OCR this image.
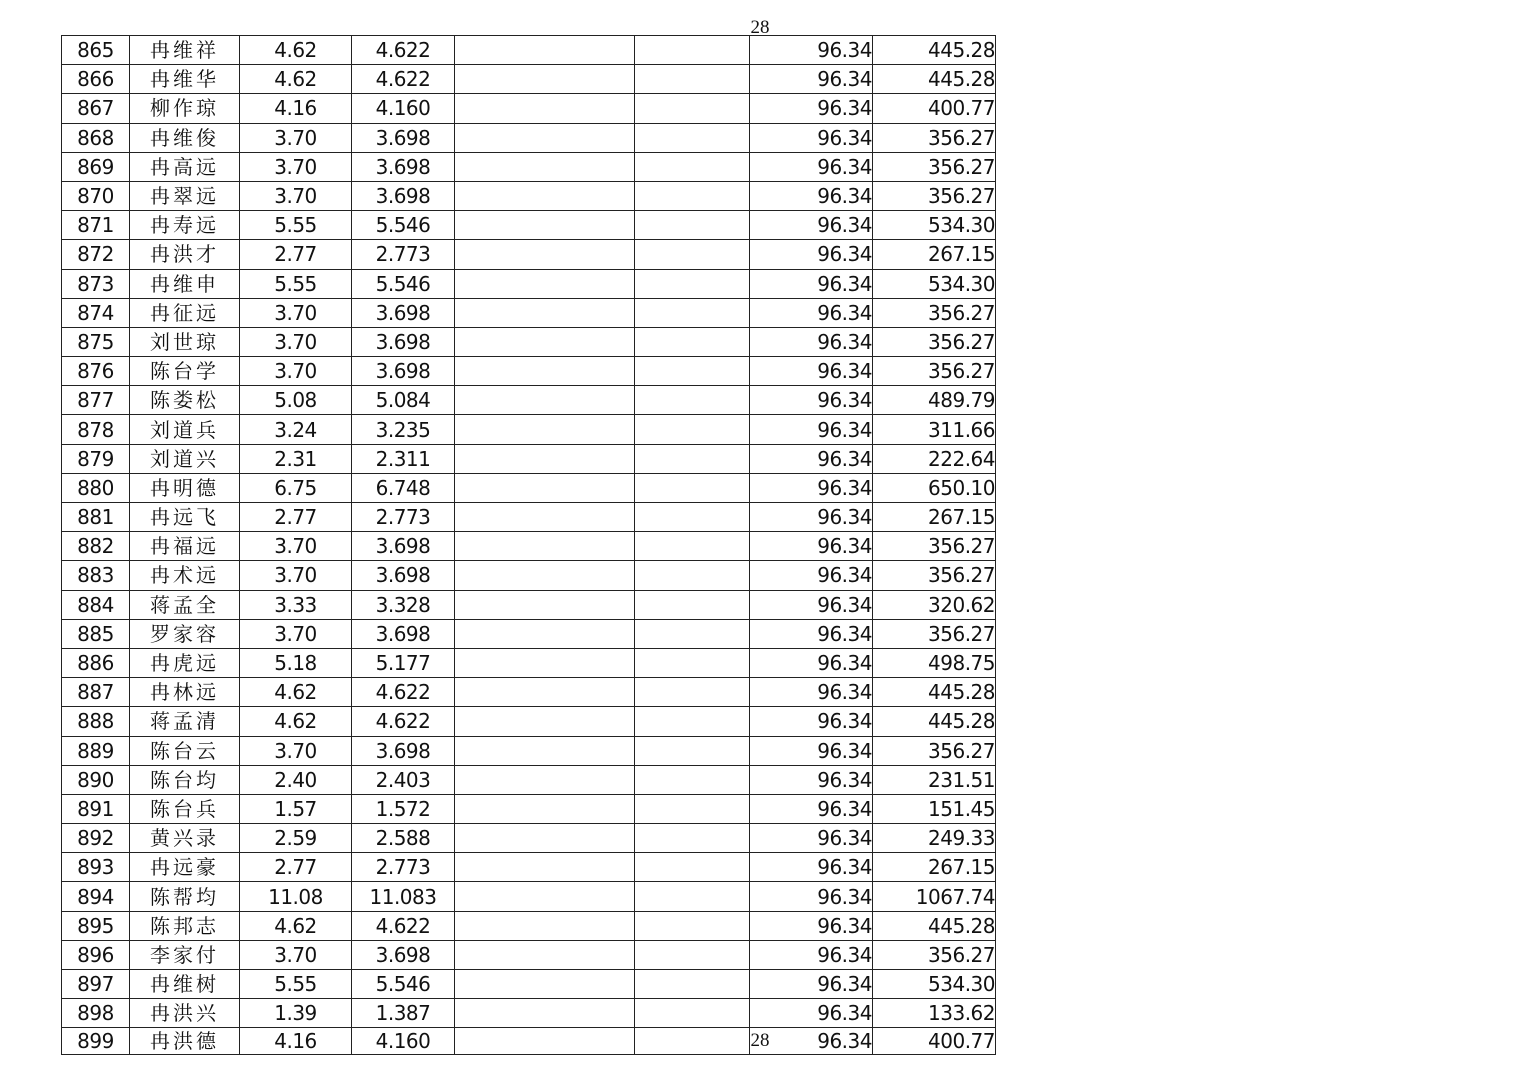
28
865	冉维祥	4.62	4.622			96.34	445.28
866	冉维华	4.62	4.622			96.34	445.28
867	柳作琼	4.16	4.160			96.34	400.77
868	冉维俊	3.70	3.698			96.34	356.27
869	冉高远	3.70	3.698			96.34	356.27
870	冉翠远	3.70	3.698			96.34	356.27
871	冉寿远	5.55	5.546			96.34	534.30
872	冉洪才	2.77	2.773			96.34	267.15
873	冉维申	5.55	5.546			96.34	534.30
874	冉征远	3.70	3.698			96.34	356.27
875	刘世琼	3.70	3.698			96.34	356.27
876	陈台学	3.70	3.698			96.34	356.27
877	陈娄松	5.08	5.084			96.34	489.79
878	刘道兵	3.24	3.235			96.34	311.66
879	刘道兴	2.31	2.311			96.34	222.64
880	冉明德	6.75	6.748			96.34	650.10
881	冉远飞	2.77	2.773			96.34	267.15
882	冉福远	3.70	3.698			96.34	356.27
883	冉术远	3.70	3.698			96.34	356.27
884	蒋孟全	3.33	3.328			96.34	320.62
885	罗家容	3.70	3.698			96.34	356.27
886	冉虎远	5.18	5.177			96.34	498.75
887	冉林远	4.62	4.622			96.34	445.28
888	蒋孟清	4.62	4.622			96.34	445.28
889	陈台云	3.70	3.698			96.34	356.27
890	陈台均	2.40	2.403			96.34	231.51
891	陈台兵	1.57	1.572			96.34	151.45
892	黄兴录	2.59	2.588			96.34	249.33
893	冉远豪	2.77	2.773			96.34	267.15
894	陈帮均	11.08	11.083			96.34	1067.74
895	陈邦志	4.62	4.622			96.34	445.28
896	李家付	3.70	3.698			96.34	356.27
897	冉维树	5.55	5.546			96.34	534.30
898	冉洪兴	1.39	1.387			96.34	133.62
899	冉洪德	4.16	4.160			96.34	400.77
28
